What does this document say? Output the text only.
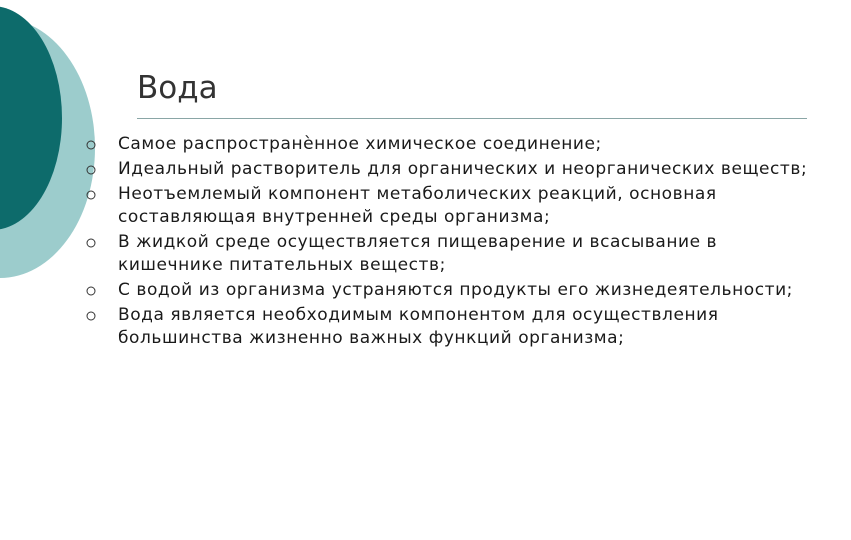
Вода
Самое распространѐнное химическое соединение;
Идеальный растворитель для органических и неорганических веществ;
Неотъемлемый компонент метаболических реакций, основная составляющая внутренней среды организма;
В жидкой среде осуществляется пищеварение и всасывание в кишечнике питательных веществ;
С водой из организма устраняются продукты его жизнедеятельности;
Вода является необходимым компонентом для осуществления большинства жизненно важных функций организма;
